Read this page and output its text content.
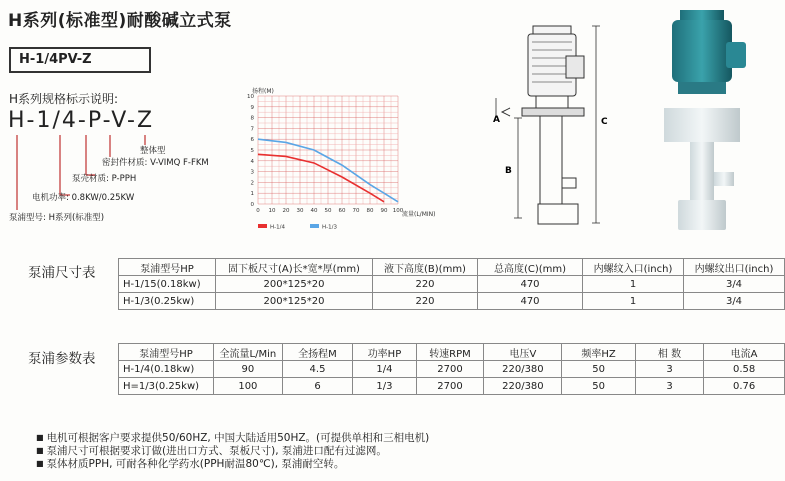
H系列(标准型)耐酸碱立式泵
H-1/4PV-Z
H系列规格标示说明:
H-1/4-P-V-Z
整体型
密封件材质: V-VIMQ F-FKM
泵壳材质: P-PPH
电机功率: 0.8KW/0.25KW
泵浦型号: H系列(标准型)
0 10 20 30 40 50 60 70 80 90 100
0
1
2
3
4
5
6
7
8
9
10
扬程(M)
流量(L/MIN)
H-1/4	H-1/3
A
B
C
泵浦尺寸表	泵浦型号HP	固下板尺寸(A)长*宽*厚(mm)	液下高度(B)(mm)	总高度(C)(mm)	内螺纹入口(inch)	内螺纹出口(inch)
H-1/15(0.18kw)	200*125*20	220	470	1	3/4
H-1/3(0.25kw)	200*125*20	220	470	1	3/4
泵浦参数表	泵浦型号HP	全流量L/Min	全扬程M	功率HP	转速RPM	电压V	频率HZ	相 数	电流A
H-1/4(0.18kw)	90	4.5	1/4	2700	220/380	50	3	0.58
H=1/3(0.25kw)	100	6	1/3	2700	220/380	50	3	0.76
■ 电机可根据客户要求提供50/60HZ, 中国大陆适用50HZ。(可提供单相和三相电机)
■ 泵浦尺寸可根据要求订做(进出口方式、泵板尺寸), 泵浦进口配有过滤网。
■ 泵体材质PPH, 可耐各种化学药水(PPH耐温80℃), 泵浦耐空转。
